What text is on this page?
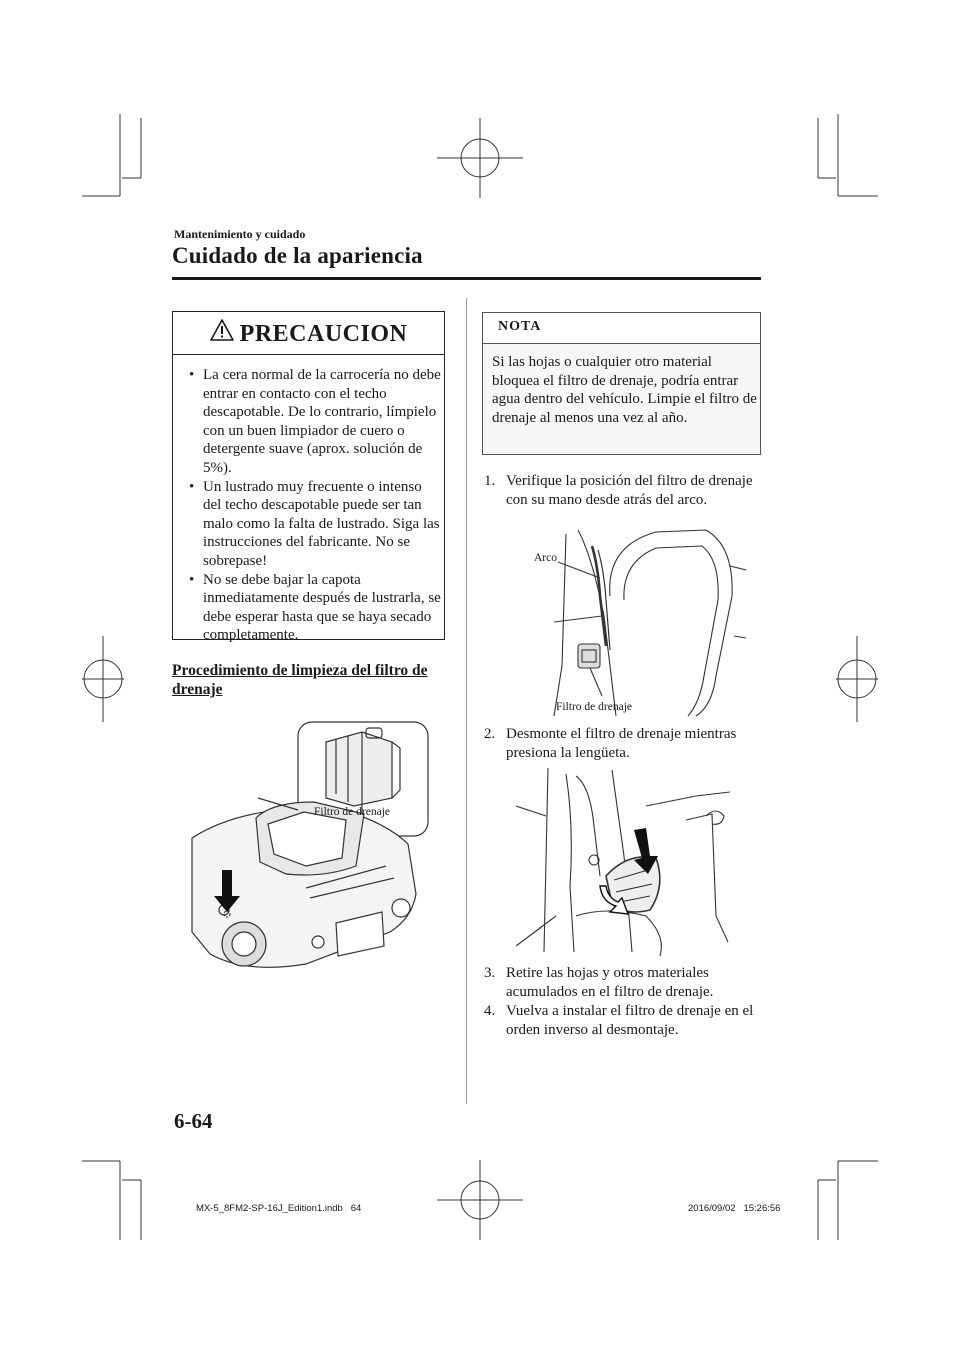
Mantenimiento y cuidado
Cuidado de la apariencia
PRECAUCION
• La cera normal de la carrocería no debe entrar en contacto con el techo descapotable. De lo contrario, límpielo con un buen limpiador de cuero o detergente suave (aprox. solución de 5%).
• Un lustrado muy frecuente o intenso del techo descapotable puede ser tan malo como la falta de lustrado. Siga las instrucciones del fabricante. No se sobrepase!
• No se debe bajar la capota inmediatamente después de lustrarla, se debe esperar hasta que se haya secado completamente.
Procedimiento de limpieza del filtro de
drenaje
Filtro de drenaje
NOTA
Si las hojas o cualquier otro material bloquea el filtro de drenaje, podría entrar agua dentro del vehículo. Limpie el filtro de drenaje al menos una vez al año.
1. Verifique la posición del filtro de drenaje con su mano desde atrás del arco.
Arco
Filtro de drenaje
2. Desmonte el filtro de drenaje mientras presiona la lengüeta.
3. Retire las hojas y otros materiales acumulados en el filtro de drenaje.
4. Vuelva a instalar el filtro de drenaje en el orden inverso al desmontaje.
6-64
MX-5_8FM2-SP-16J_Edition1.indb   64	2016/09/02   15:26:56
